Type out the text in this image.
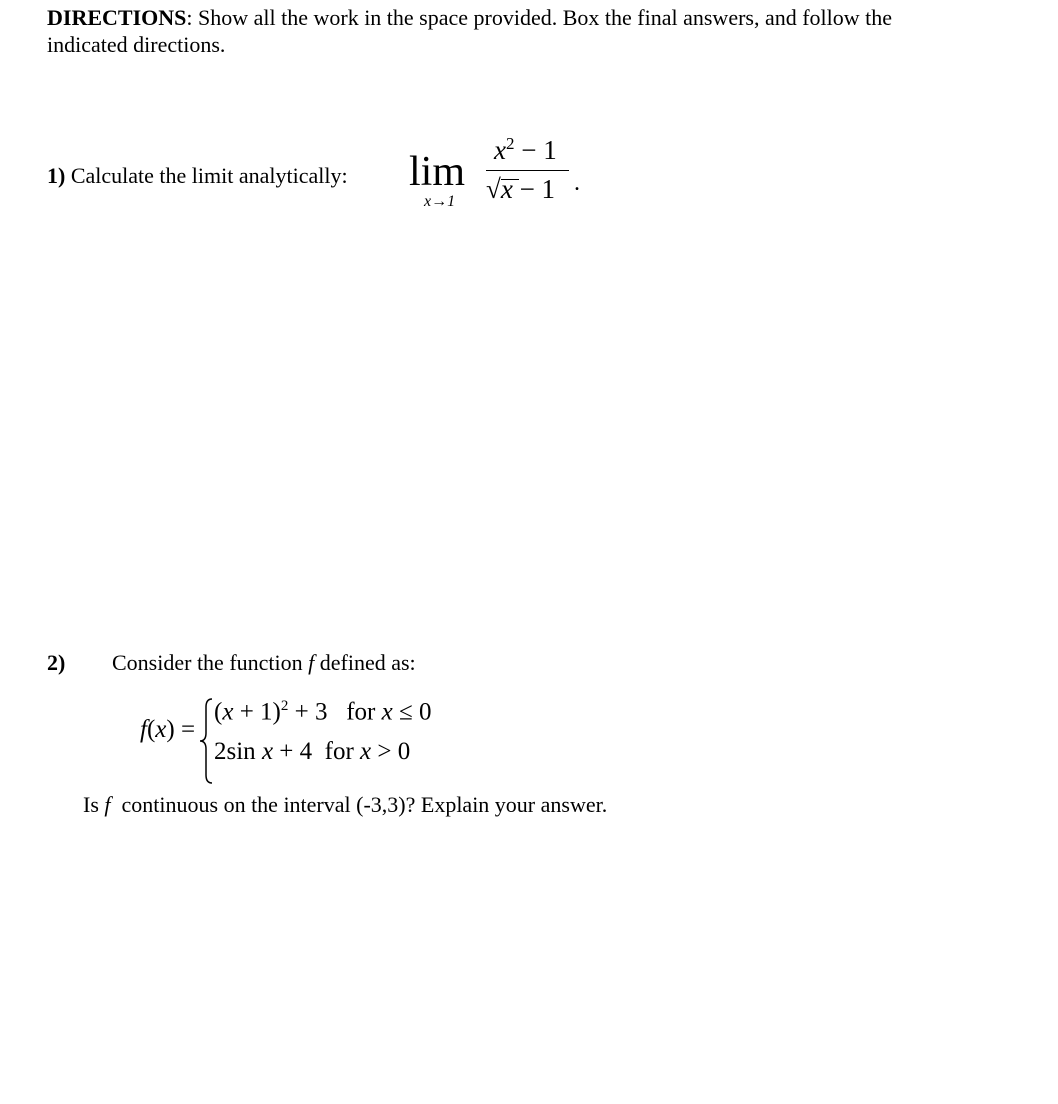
DIRECTIONS: Show all the work in the space provided. Box the final answers, and follow the indicated directions.
1) Calculate the limit analytically: lim
x→1
$x^2 - 1$
√x − 1 .
2) Consider the function f defined as:
f(x) =
$(x + 1)^2 + 3$   for x ≤ 0
2sin x + 4  for x > 0
Is f  continuous on the interval (-3,3)? Explain your answer.
